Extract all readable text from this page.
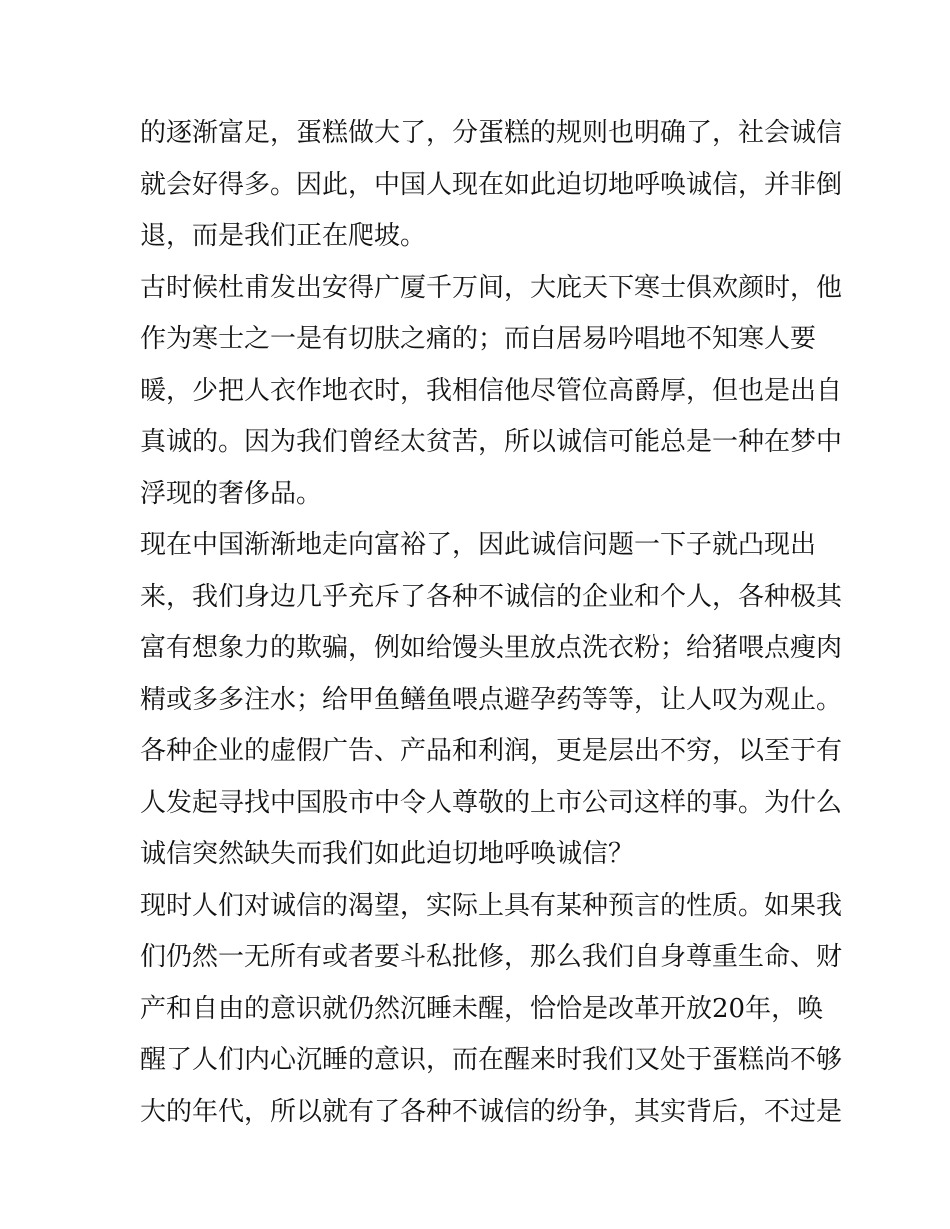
的逐渐富足，蛋糕做大了，分蛋糕的规则也明确了，社会诚信
就会好得多。因此，中国人现在如此迫切地呼唤诚信，并非倒
退，而是我们正在爬坡。
古时候杜甫发出安得广厦千万间，大庇天下寒士俱欢颜时，他
作为寒士之一是有切肤之痛的；而白居易吟唱地不知寒人要
暖，少把人衣作地衣时，我相信他尽管位高爵厚，但也是出自
真诚的。因为我们曾经太贫苦，所以诚信可能总是一种在梦中
浮现的奢侈品。
现在中国渐渐地走向富裕了，因此诚信问题一下子就凸现出
来，我们身边几乎充斥了各种不诚信的企业和个人，各种极其
富有想象力的欺骗，例如给馒头里放点洗衣粉；给猪喂点瘦肉
精或多多注水；给甲鱼鳝鱼喂点避孕药等等，让人叹为观止。
各种企业的虚假广告、产品和利润，更是层出不穷，以至于有
人发起寻找中国股市中令人尊敬的上市公司这样的事。为什么
诚信突然缺失而我们如此迫切地呼唤诚信？
现时人们对诚信的渴望，实际上具有某种预言的性质。如果我
们仍然一无所有或者要斗私批修，那么我们自身尊重生命、财
产和自由的意识就仍然沉睡未醒，恰恰是改革开放20年，唤
醒了人们内心沉睡的意识，而在醒来时我们又处于蛋糕尚不够
大的年代，所以就有了各种不诚信的纷争，其实背后，不过是
